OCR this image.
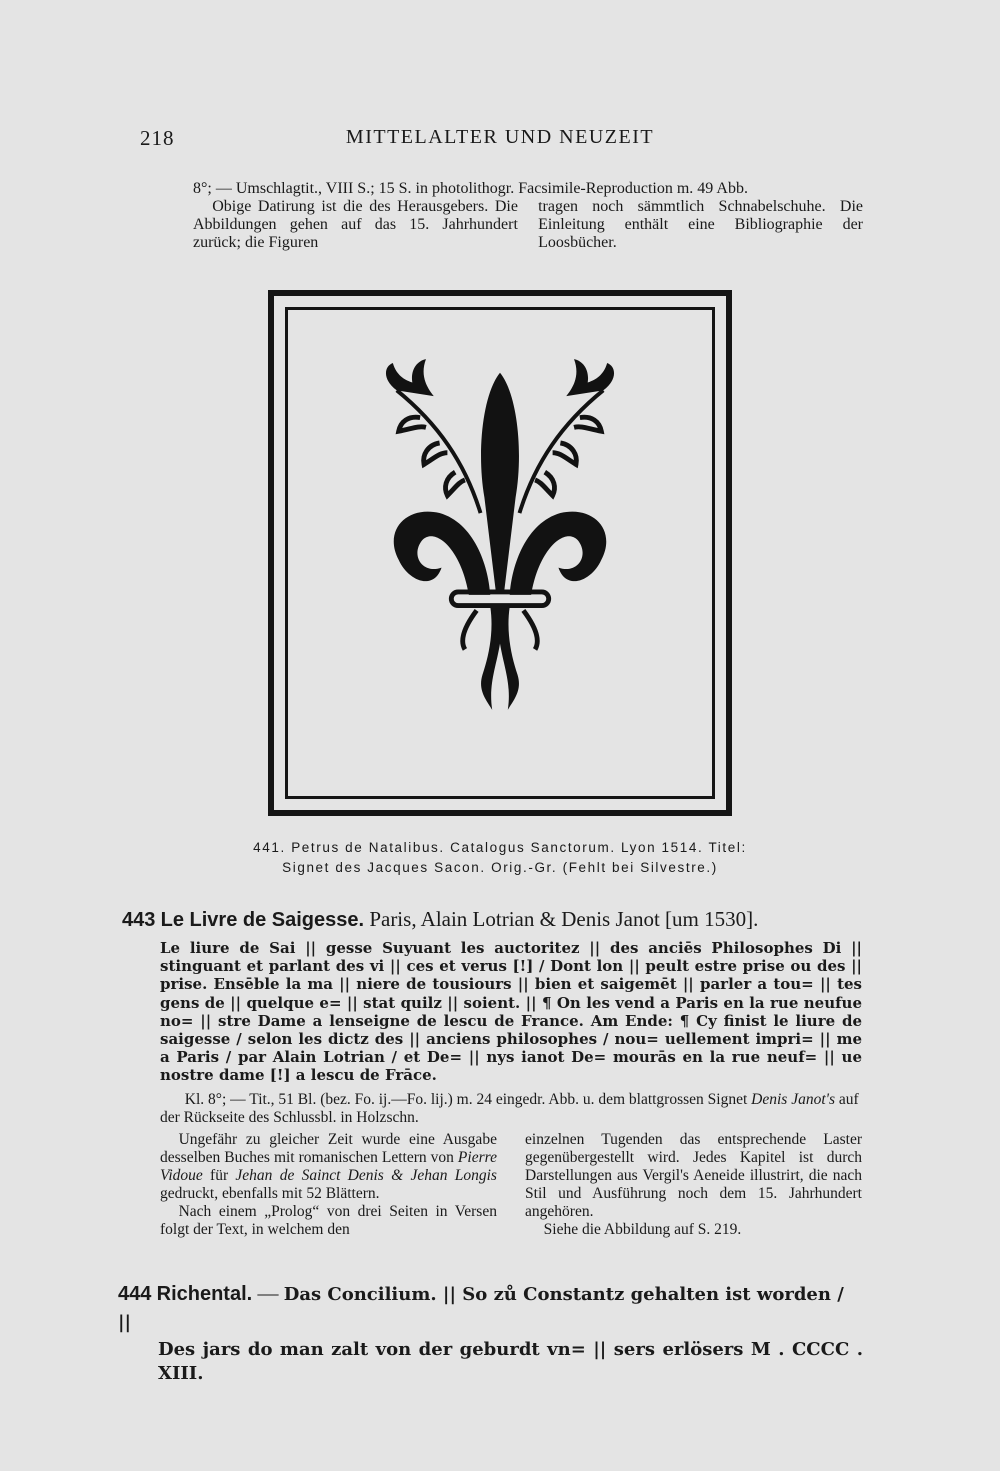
218	MITTELALTER UND NEUZEIT
8°; — Umschlagtit., VIII S.; 15 S. in photolithogr. Facsimile-Reproduction m. 49 Abb.

Obige Datirung ist die des Herausgebers. Die Abbildungen gehen auf das 15. Jahrhundert zurück; die Figuren

tragen noch sämmtlich Schnabelschuhe. Die Einleitung enthält eine Bibliographie der Loosbücher.

441. Petrus de Natalibus. Catalogus Sanctorum. Lyon 1514. Titel:
Signet des Jacques Sacon. Orig.-Gr. (Fehlt bei Silvestre.)
443 Le Livre de Saigesse. Paris, Alain Lotrian & Denis Janot [um 1530].
Le liure de Sai || gesse Suyuant les auctoritez || des anciēs Philosophes Di || stinguant et parlant des vi || ces et verus [!] / Dont lon || peult estre prise ou des || prise. Ensēble la ma || niere de tousiours || bien et saigemēt || parler a tou= || tes gens de || quelque e= || stat quilz || soient. || ¶ On les vend a Paris en la rue neufue no= || stre Dame a lenseigne de lescu de France. Am Ende: ¶ Cy finist le liure de saigesse / selon les dictz des || anciens philosophes / nou= uellement impri= || me a Paris / par Alain Lotrian / et De= || nys ianot De= mourās en la rue neuf= || ue nostre dame [!] a lescu de Frāce.
Kl. 8°; — Tit., 51 Bl. (bez. Fo. ij.—Fo. lij.) m. 24 eingedr. Abb. u. dem blattgrossen Signet Denis Janot's auf der Rückseite des Schlussbl. in Holzschn.

Ungefähr zu gleicher Zeit wurde eine Ausgabe desselben Buches mit romanischen Lettern von Pierre Vidoue für Jehan de Sainct Denis & Jehan Longis gedruckt, ebenfalls mit 52 Blättern.

Nach einem „Prolog“ von drei Seiten in Versen folgt der Text, in welchem den

einzelnen Tugenden das entsprechende Laster gegenübergestellt wird. Jedes Kapitel ist durch Darstellungen aus Vergil's Aeneide illustrirt, die nach Stil und Ausführung noch dem 15. Jahrhundert angehören.

Siehe die Abbildung auf S. 219.

444 Richental. — Das Concilium. || So zů Constantz gehalten ist worden / ||
Des jars do man zalt von der geburdt vn= || sers erlösers M . CCCC . XIII.
